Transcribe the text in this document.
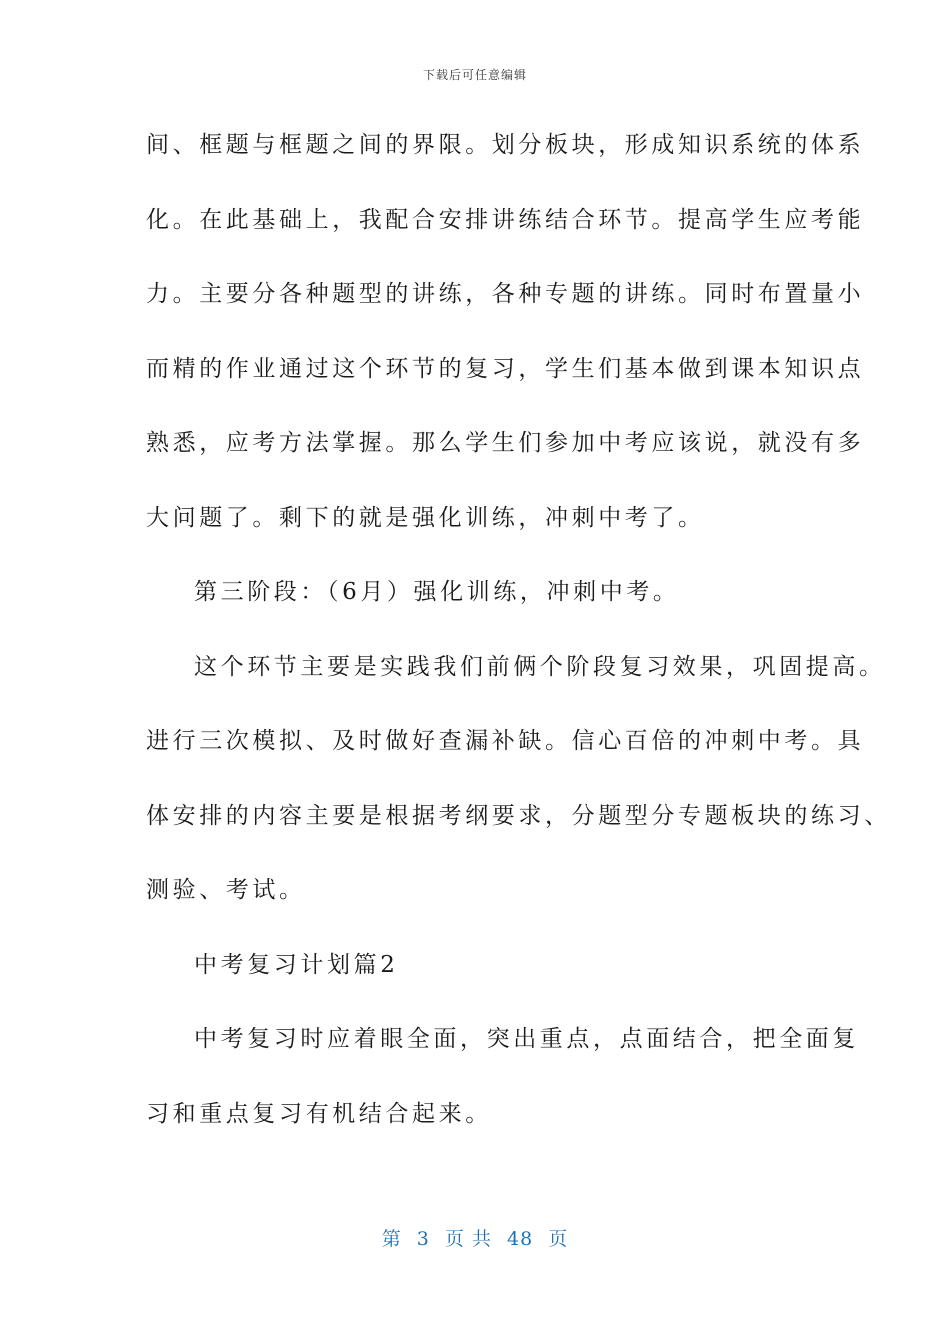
下载后可任意编辑
间、框题与框题之间的界限。划分板块，形成知识系统的体系
化。在此基础上，我配合安排讲练结合环节。提高学生应考能
力。主要分各种题型的讲练，各种专题的讲练。同时布置量小
而精的作业通过这个环节的复习，学生们基本做到课本知识点
熟悉，应考方法掌握。那么学生们参加中考应该说，就没有多
大问题了。剩下的就是强化训练，冲刺中考了。
第三阶段：（6月）强化训练，冲刺中考。
这个环节主要是实践我们前俩个阶段复习效果，巩固提高。
进行三次模拟、及时做好查漏补缺。信心百倍的冲刺中考。具
体安排的内容主要是根据考纲要求，分题型分专题板块的练习、
测验、考试。
中考复习计划篇2
中考复习时应着眼全面，突出重点，点面结合，把全面复
习和重点复习有机结合起来。
第 3 页 共 48 页
